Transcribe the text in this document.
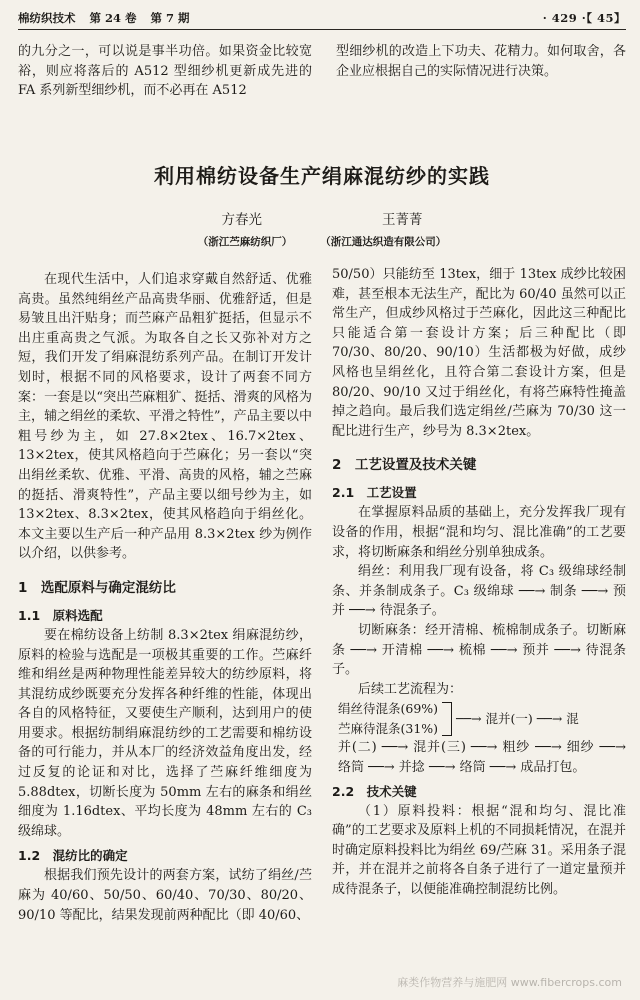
棉纺织技术 第 24 卷 第 7 期	· 429 ·【 45】

的九分之一，可以说是事半功倍。如果资金比较宽裕，则应将落后的 A512 型细纱机更新成先进的 FA 系列新型细纱机，而不必再在 A512

型细纱机的改造上下功夫、花精力。如何取舍，各企业应根据自己的实际情况进行决策。

利用棉纺设备生产绢麻混纺纱的实践
方春光	王菁菁
（浙江苎麻纺织厂）	（浙江通达织造有限公司）

在现代生活中，人们追求穿戴自然舒适、优雅高贵。虽然纯绢丝产品高贵华丽、优雅舒适，但是易皱且出汗贴身；而苎麻产品粗犷挺括，但显示不出庄重高贵之气派。为取各自之长又弥补对方之短，我们开发了绢麻混纺系列产品。在制订开发计划时，根据不同的风格要求，设计了两套不同方案：一套是以“突出苎麻粗犷、挺括、滑爽的风格为主，辅之绢丝的柔软、平滑之特性”，产品主要以中粗号纱为主，如 27.8×2tex、16.7×2tex、13×2tex，使其风格趋向于苎麻化；另一套以“突出绢丝柔软、优雅、平滑、高贵的风格，辅之苎麻的挺括、滑爽特性”，产品主要以细号纱为主，如 13×2tex、8.3×2tex，使其风格趋向于绢丝化。本文主要以生产后一种产品用 8.3×2tex 纱为例作以介绍，以供参考。

1　选配原料与确定混纺比
1.1　原料选配

要在棉纺设备上纺制 8.3×2tex 绢麻混纺纱，原料的检验与选配是一项极其重要的工作。苎麻纤维和绢丝是两种物理性能差异较大的纺纱原料，将其混纺成纱既要充分发挥各种纤维的性能，体现出各自的风格特征，又要使生产顺利，达到用户的使用要求。根据纺制绢麻混纺纱的工艺需要和棉纺设备的可行能力，并从本厂的经济效益角度出发，经过反复的论证和对比，选择了苎麻纤维细度为 5.88dtex，切断长度为 50mm 左右的麻条和绢丝细度为 1.16dtex、平均长度为 48mm 左右的 C₃ 级绵球。

1.2　混纺比的确定

根据我们预先设计的两套方案，试纺了绢丝/苎麻为 40/60、50/50、60/40、70/30、80/20、90/10 等配比，结果发现前两种配比（即 40/60、

50/50）只能纺至 13tex，细于 13tex 成纱比较困难，甚至根本无法生产，配比为 60/40 虽然可以正常生产，但成纱风格过于苎麻化，因此这三种配比只能适合第一套设计方案；后三种配比（即 70/30、80/20、90/10）生活都极为好做，成纱风格也呈绢丝化，且符合第二套设计方案，但是 80/20、90/10 又过于绢丝化，有将苎麻特性掩盖掉之趋向。最后我们选定绢丝/苎麻为 70/30 这一配比进行生产，纱号为 8.3×2tex。

2　工艺设置及技术关键
2.1　工艺设置

在掌握原料品质的基础上，充分发挥我厂现有设备的作用，根据“混和均匀、混比准确”的工艺要求，将切断麻条和绢丝分别单独成条。

绢丝：利用我厂现有设备，将 C₃ 级绵球经制条、并条制成条子。C₃ 级绵球 ──→ 制条 ──→ 预并 ──→ 待混条子。

切断麻条：经开清棉、梳棉制成条子。切断麻条 ──→ 开清棉 ──→ 梳棉 ──→ 预并 ──→ 待混条子。

后续工艺流程为：

绢丝待混条(69%)
苎麻待混条(31%)
──→ 混并(一) ──→ 混

并(二) ──→ 混并(三) ──→ 粗纱 ──→ 细纱 ──→ 络筒 ──→ 并捻 ──→ 络筒 ──→ 成品打包。

2.2　技术关键

（1）原料投料：根据“混和均匀、混比准确”的工艺要求及原料上机的不同损耗情况，在混并时确定原料投料比为绢丝 69/苎麻 31。采用条子混并，并在混并之前将各自条子进行了一道定量预并成待混条子，以便能准确控制混纺比例。

麻类作物营养与施肥网 www.fibercrops.com
